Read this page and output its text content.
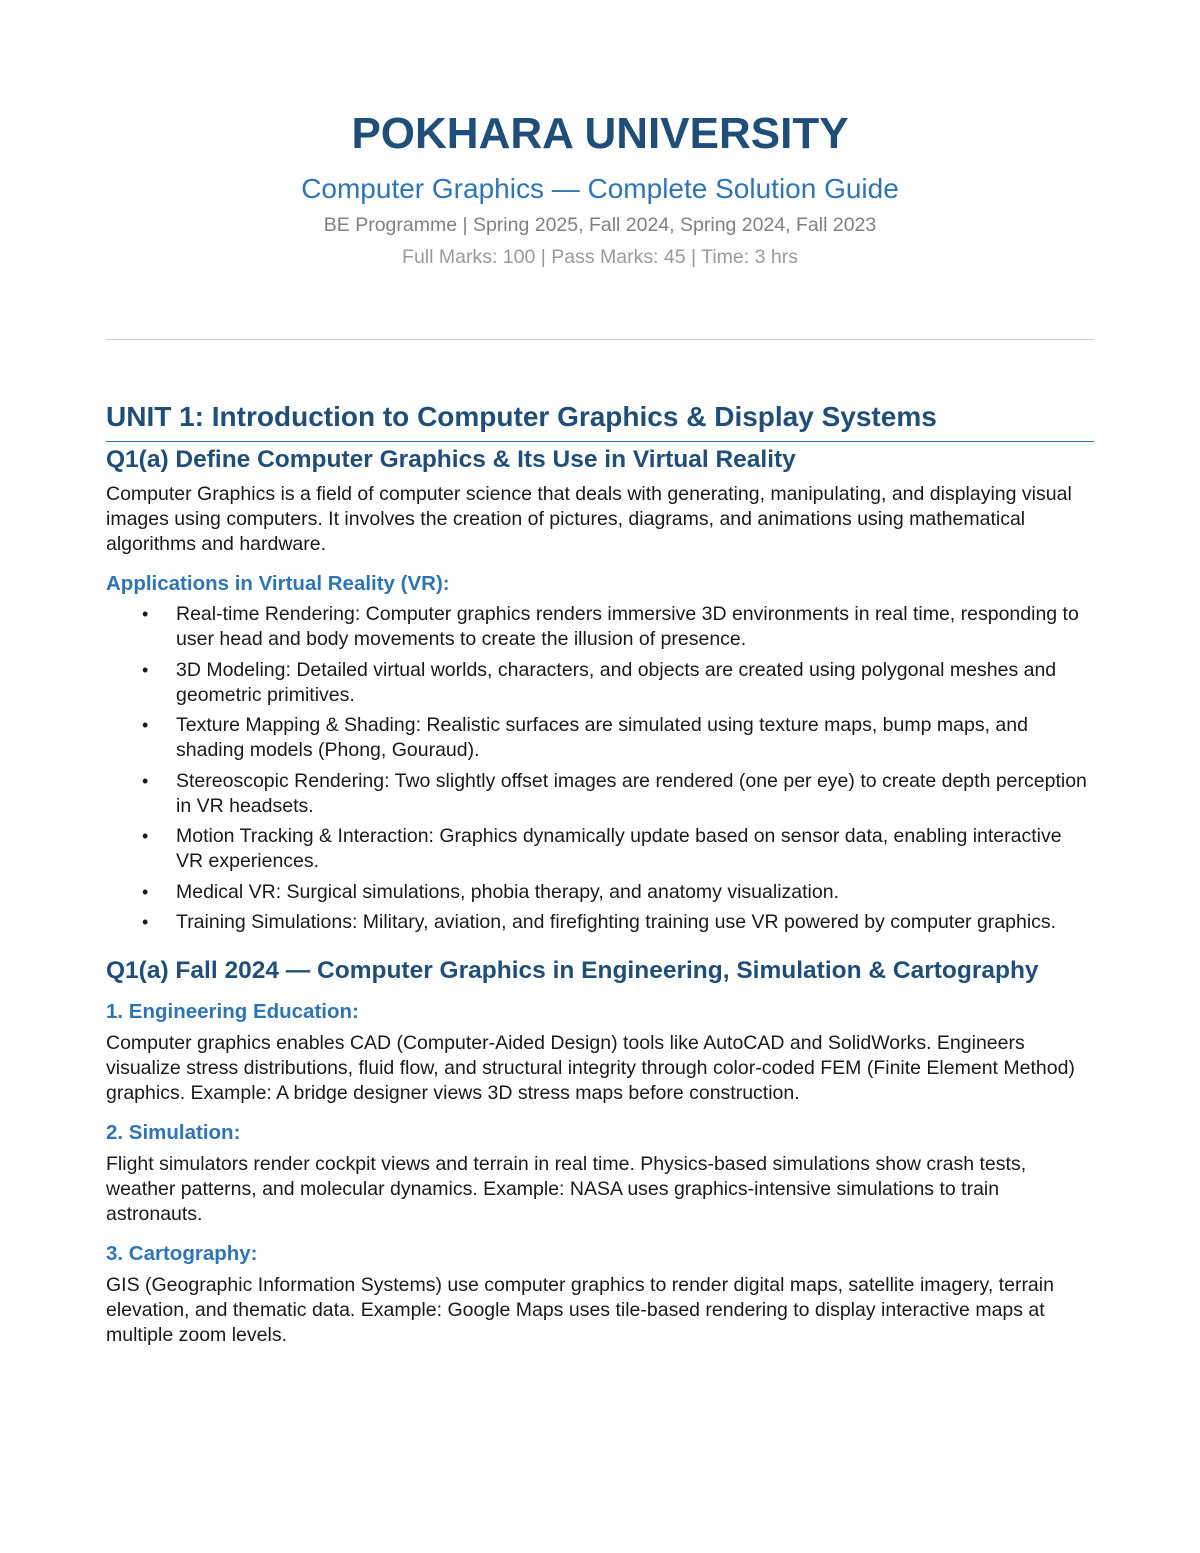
POKHARA UNIVERSITY
Computer Graphics — Complete Solution Guide
BE Programme | Spring 2025, Fall 2024, Spring 2024, Fall 2023
Full Marks: 100 | Pass Marks: 45 | Time: 3 hrs
UNIT 1: Introduction to Computer Graphics & Display Systems
Q1(a) Define Computer Graphics & Its Use in Virtual Reality

Computer Graphics is a field of computer science that deals with generating, manipulating, and displaying visual images using computers. It involves the creation of pictures, diagrams, and animations using mathematical algorithms and hardware.

Applications in Virtual Reality (VR):
• Real-time Rendering: Computer graphics renders immersive 3D environments in real time, responding to user head and body movements to create the illusion of presence.
• 3D Modeling: Detailed virtual worlds, characters, and objects are created using polygonal meshes and geometric primitives.
• Texture Mapping & Shading: Realistic surfaces are simulated using texture maps, bump maps, and shading models (Phong, Gouraud).
• Stereoscopic Rendering: Two slightly offset images are rendered (one per eye) to create depth perception in VR headsets.
• Motion Tracking & Interaction: Graphics dynamically update based on sensor data, enabling interactive VR experiences.
• Medical VR: Surgical simulations, phobia therapy, and anatomy visualization.
• Training Simulations: Military, aviation, and firefighting training use VR powered by computer graphics.
Q1(a) Fall 2024 — Computer Graphics in Engineering, Simulation & Cartography
1. Engineering Education:

Computer graphics enables CAD (Computer-Aided Design) tools like AutoCAD and SolidWorks. Engineers visualize stress distributions, fluid flow, and structural integrity through color-coded FEM (Finite Element Method) graphics. Example: A bridge designer views 3D stress maps before construction.

2. Simulation:

Flight simulators render cockpit views and terrain in real time. Physics-based simulations show crash tests, weather patterns, and molecular dynamics. Example: NASA uses graphics-intensive simulations to train astronauts.

3. Cartography:

GIS (Geographic Information Systems) use computer graphics to render digital maps, satellite imagery, terrain elevation, and thematic data. Example: Google Maps uses tile-based rendering to display interactive maps at multiple zoom levels.
